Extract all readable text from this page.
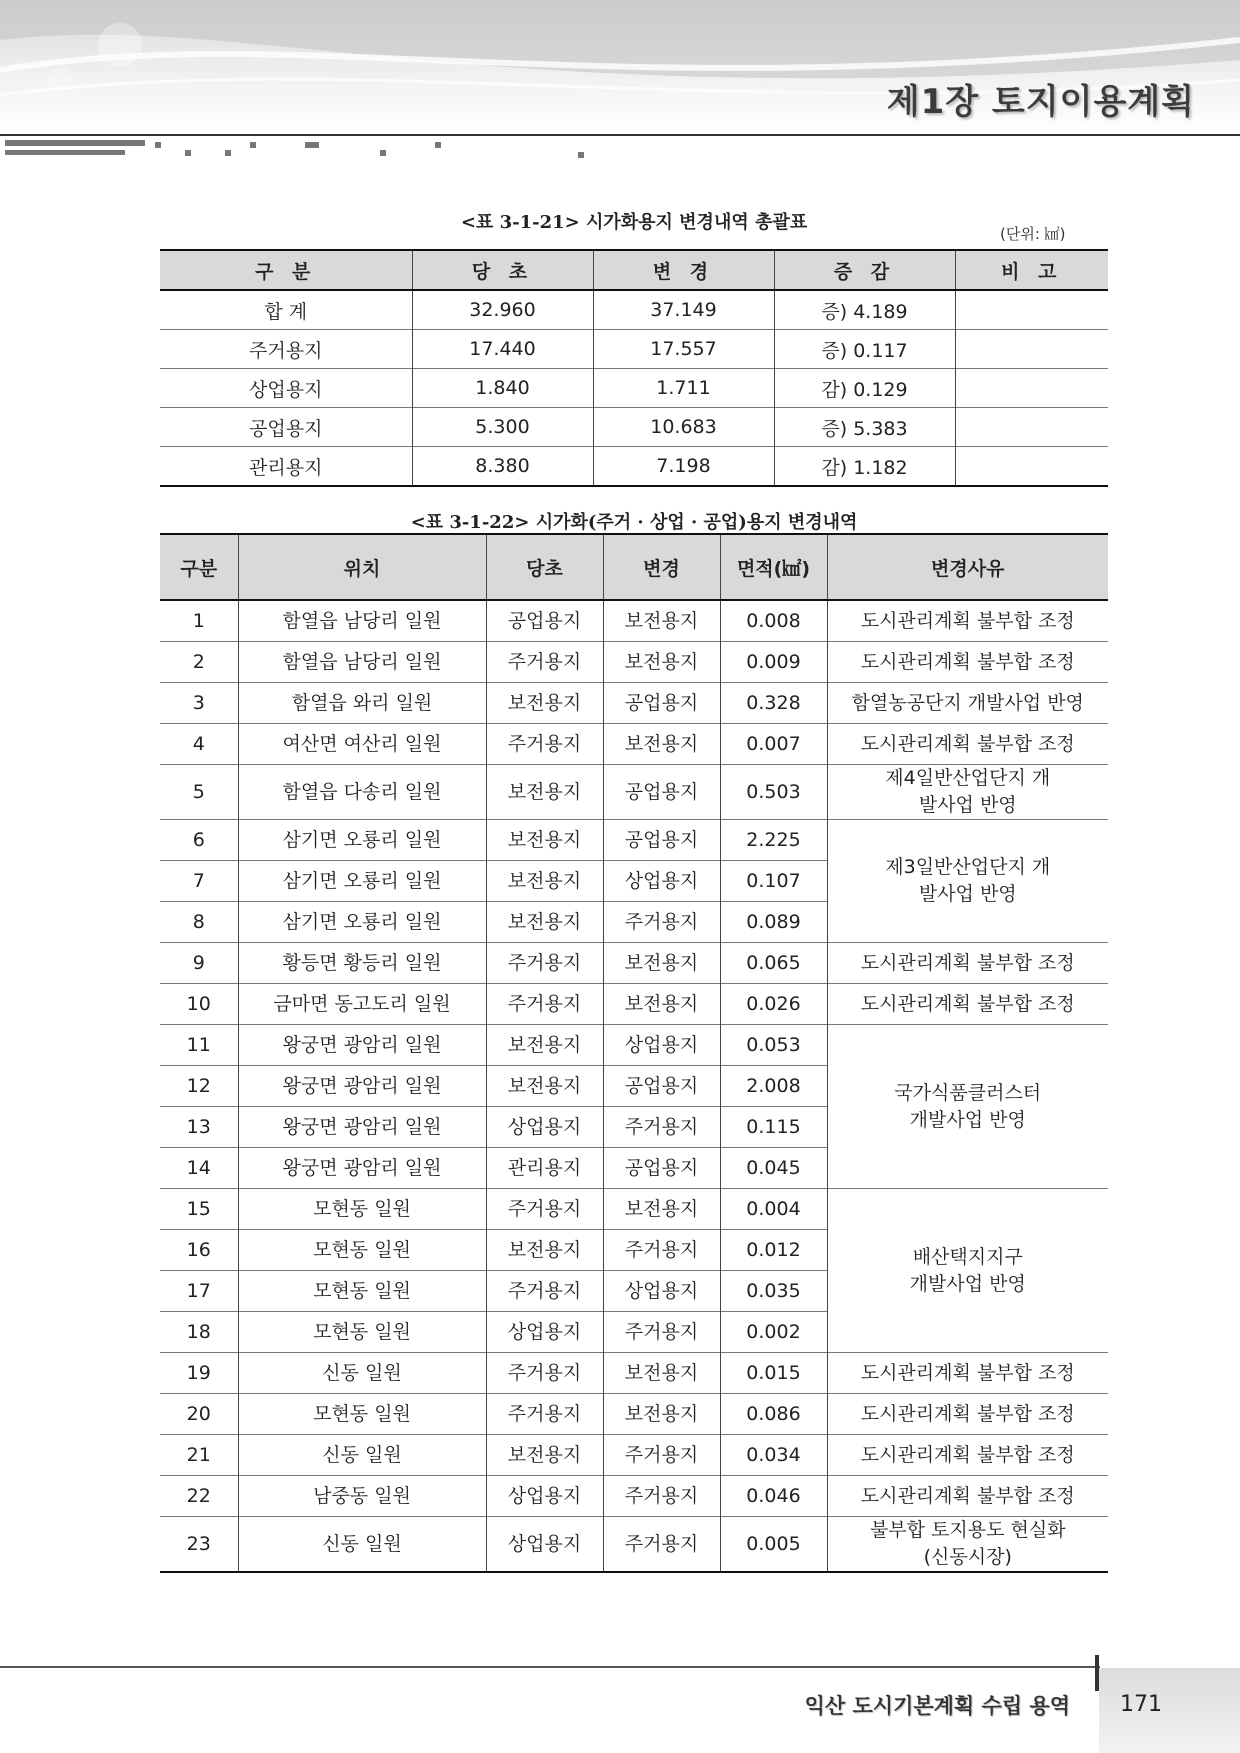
제1장 토지이용계획
<표 3-1-21> 시가화용지 변경내역 총괄표
(단위: ㎢)
구 분	당 초	변 경	증 감	비 고
합 계	32.960	37.149	증) 4.189	
주거용지	17.440	17.557	증) 0.117	
상업용지	1.840	1.711	감) 0.129	
공업용지	5.300	10.683	증) 5.383	
관리용지	8.380	7.198	감) 1.182	
<표 3-1-22> 시가화(주거 · 상업 · 공업)용지 변경내역
구분	위치	당초	변경	면적(㎢)	변경사유
1	함열읍 남당리 일원	공업용지	보전용지	0.008	도시관리계획 불부합 조정
2	함열읍 남당리 일원	주거용지	보전용지	0.009	도시관리계획 불부합 조정
3	함열읍 와리 일원	보전용지	공업용지	0.328	함열농공단지 개발사업 반영
4	여산면 여산리 일원	주거용지	보전용지	0.007	도시관리계획 불부합 조정
5	함열읍 다송리 일원	보전용지	공업용지	0.503	제4일반산업단지 개발사업 반영
6	삼기면 오룡리 일원	보전용지	공업용지	2.225	제3일반산업단지 개발사업 반영
7	삼기면 오룡리 일원	보전용지	상업용지	0.107	
8	삼기면 오룡리 일원	보전용지	주거용지	0.089	
9	황등면 황등리 일원	주거용지	보전용지	0.065	도시관리계획 불부합 조정
10	금마면 동고도리 일원	주거용지	보전용지	0.026	도시관리계획 불부합 조정
11	왕궁면 광암리 일원	보전용지	상업용지	0.053	국가식품클러스터 개발사업 반영
12	왕궁면 광암리 일원	보전용지	공업용지	2.008	
13	왕궁면 광암리 일원	상업용지	주거용지	0.115	
14	왕궁면 광암리 일원	관리용지	공업용지	0.045	
15	모현동 일원	주거용지	보전용지	0.004	배산택지지구 개발사업 반영
16	모현동 일원	보전용지	주거용지	0.012	
17	모현동 일원	주거용지	상업용지	0.035	
18	모현동 일원	상업용지	주거용지	0.002	
19	신동 일원	주거용지	보전용지	0.015	도시관리계획 불부합 조정
20	모현동 일원	주거용지	보전용지	0.086	도시관리계획 불부합 조정
21	신동 일원	보전용지	주거용지	0.034	도시관리계획 불부합 조정
22	남중동 일원	상업용지	주거용지	0.046	도시관리계획 불부합 조정
23	신동 일원	상업용지	주거용지	0.005	불부합 토지용도 현실화 (신동시장)
익산 도시기본계획 수립 용역 171
